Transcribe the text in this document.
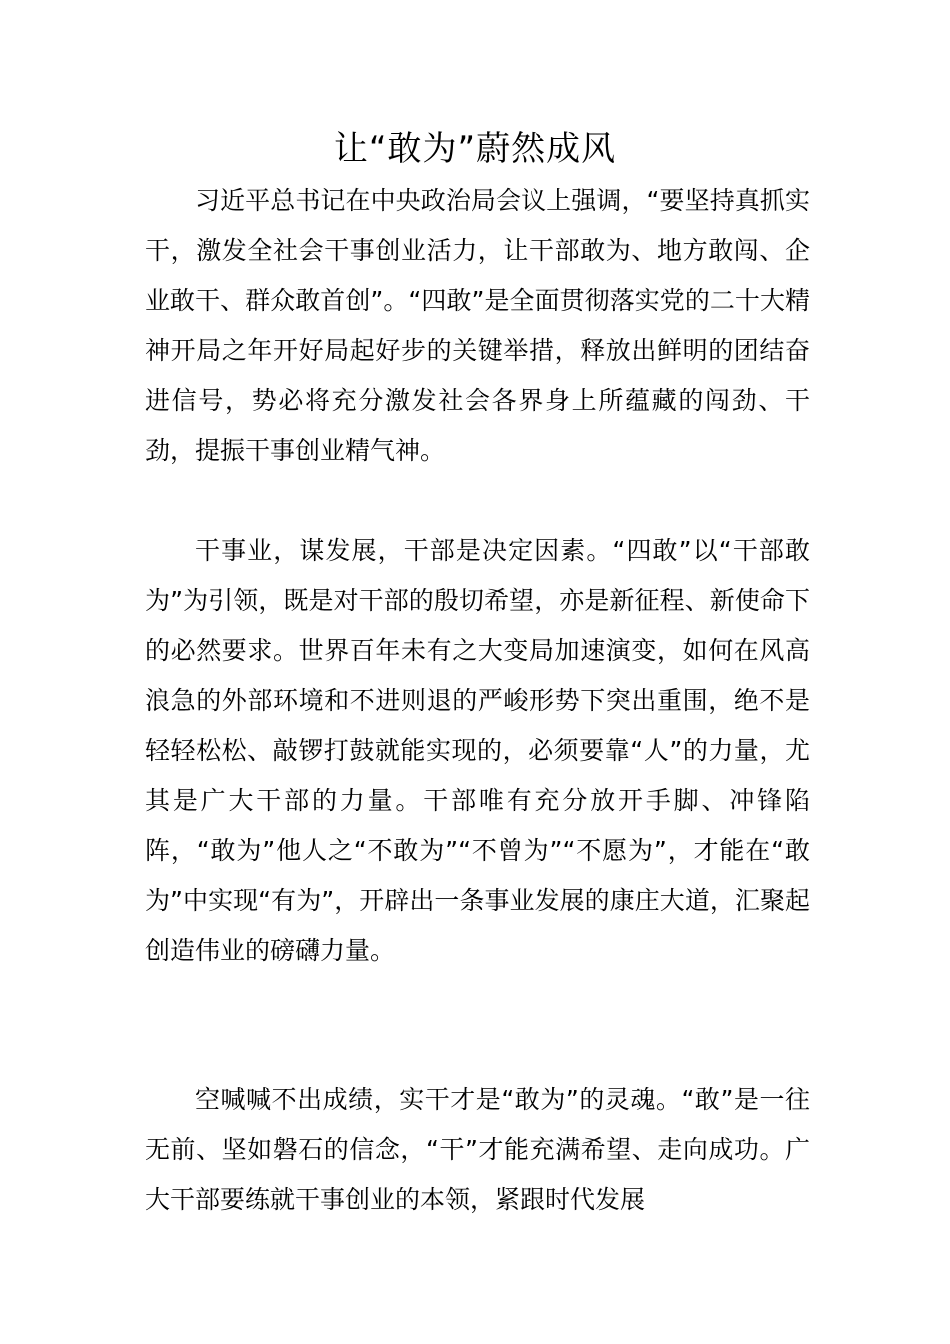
让“敢为”蔚然成风

习近平总书记在中央政治局会议上强调，“要坚持真抓实干，激发全社会干事创业活力，让干部敢为、地方敢闯、企业敢干、群众敢首创”。“四敢”是全面贯彻落实党的二十大精神开局之年开好局起好步的关键举措，释放出鲜明的团结奋进信号，势必将充分激发社会各界身上所蕴藏的闯劲、干劲，提振干事创业精气神。

干事业，谋发展，干部是决定因素。“四敢”以“干部敢为”为引领，既是对干部的殷切希望，亦是新征程、新使命下的必然要求。世界百年未有之大变局加速演变，如何在风高浪急的外部环境和不进则退的严峻形势下突出重围，绝不是轻轻松松、敲锣打鼓就能实现的，必须要靠“人”的力量，尤其是广大干部的力量。干部唯有充分放开手脚、冲锋陷阵，“敢为”他人之“不敢为”“不曾为”“不愿为”，才能在“敢为”中实现“有为”，开辟出一条事业发展的康庄大道，汇聚起创造伟业的磅礴力量。

空喊喊不出成绩，实干才是“敢为”的灵魂。“敢”是一往无前、坚如磐石的信念，“干”才能充满希望、走向成功。广大干部要练就干事创业的本领，紧跟时代发展
